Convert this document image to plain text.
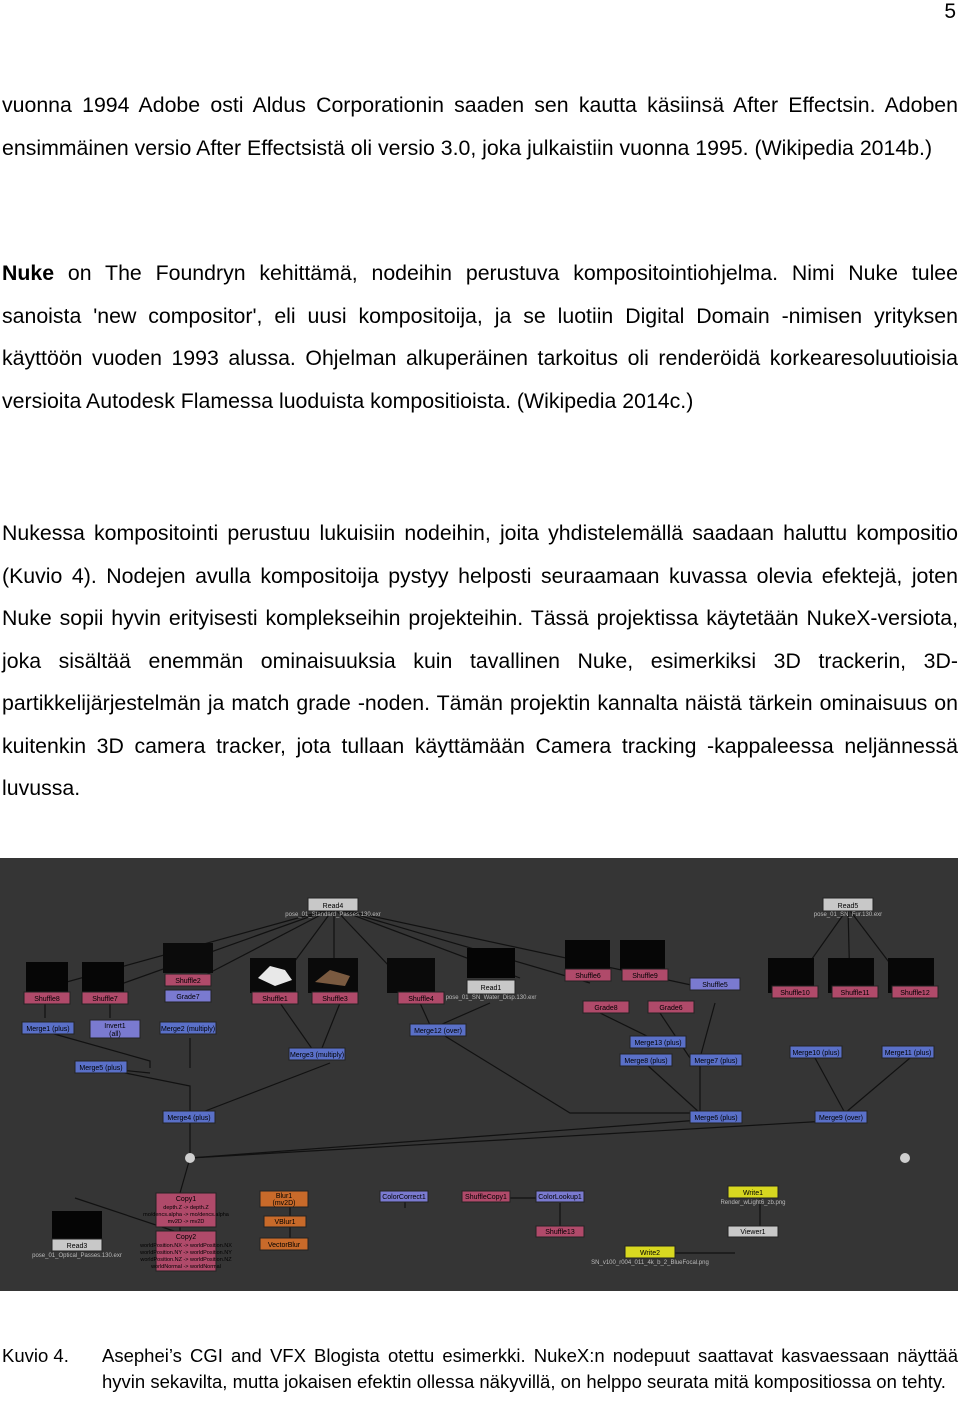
5

vuonna 1994 Adobe osti Aldus Corporationin saaden sen kautta käsiinsä After Effectsin. Adoben ensimmäinen versio After Effectsistä oli versio 3.0, joka julkaistiin vuonna 1995. (Wikipedia 2014b.)

Nuke on The Foundryn kehittämä, nodeihin perustuva kompositointiohjelma. Nimi Nuke tulee sanoista 'new compositor', eli uusi kompositoija, ja se luotiin Digital Domain -nimisen yrityksen käyttöön vuoden 1993 alussa. Ohjelman alkuperäinen tarkoitus oli renderöidä korkearesoluutioisia versioita Autodesk Flamessa luoduista kompositioista. (Wikipedia 2014c.)

Nukessa kompositointi perustuu lukuisiin nodeihin, joita yhdistelemällä saadaan haluttu kompositio (Kuvio 4). Nodejen avulla kompositoija pystyy helposti seuraamaan kuvassa olevia efektejä, joten Nuke sopii hyvin erityisesti komplekseihin projekteihin. Tässä projektissa käytetään NukeX-versiota, joka sisältää enemmän ominaisuuksia kuin tavallinen Nuke, esimerkiksi 3D trackerin, 3D-partikkelijärjestelmän ja match grade -noden. Tämän projektin kannalta näistä tärkein ominaisuus on kuitenkin 3D camera tracker, jota tullaan käyttämään Camera tracking -kappaleessa neljännessä luvussa.

Read4
pose_01_Standard_Passes.130.exr
Read5
pose_01_SN_Fur.130.exr
Shuffle8	Shuffle7
Shuffle2
Grade7	Shuffle1	Shuffle3	Shuffle4
Read1
pose_01_SN_Water_Disp.130.exr
Shuffle6	Shuffle9
Shuffle5
Grade8	Grade6
Shuffle10	Shuffle11	Shuffle12
Merge1 (plus)	Invert1
(all)
Merge2 (multiply)	Merge12 (over)
Merge3 (multiply)
Merge13 (plus)
Merge8 (plus)	Merge7 (plus)
Merge10 (plus)	Merge11 (plus)
Merge5 (plus)
Merge4 (plus)	Merge6 (plus)	Merge9 (over)
Copy1
depth.Z -> depth.Z
mo/dencs.alpha -> mo/dencs.alpha
mv2D -> mv2D
Copy2
worldPosition.NX -> worldPosition.NX
worldPosition.NY -> worldPosition.NY
worldPosition.NZ -> worldPosition.NZ
worldNormal -> worldNormal
Blur1
(mv2D)
VBlur1
VectorBlur
ColorCorrect1	ShuffleCopy1	ColorLookup1
Shuffle13
Write1
Render_wLight6_zb.png
Viewer1
Write2
SN_v100_r004_011_4k_b_2_BlueFocal.png
Read3
pose_01_Optical_Passes.130.exr
Kuvio 4. Asephei’s CGI and VFX Blogista otettu esimerkki. NukeX:n nodepuut saattavat kasvaessaan näyttää hyvin sekavilta, mutta jokaisen efektin ollessa näkyvillä, on helppo seurata mitä kompositiossa on tehty.
